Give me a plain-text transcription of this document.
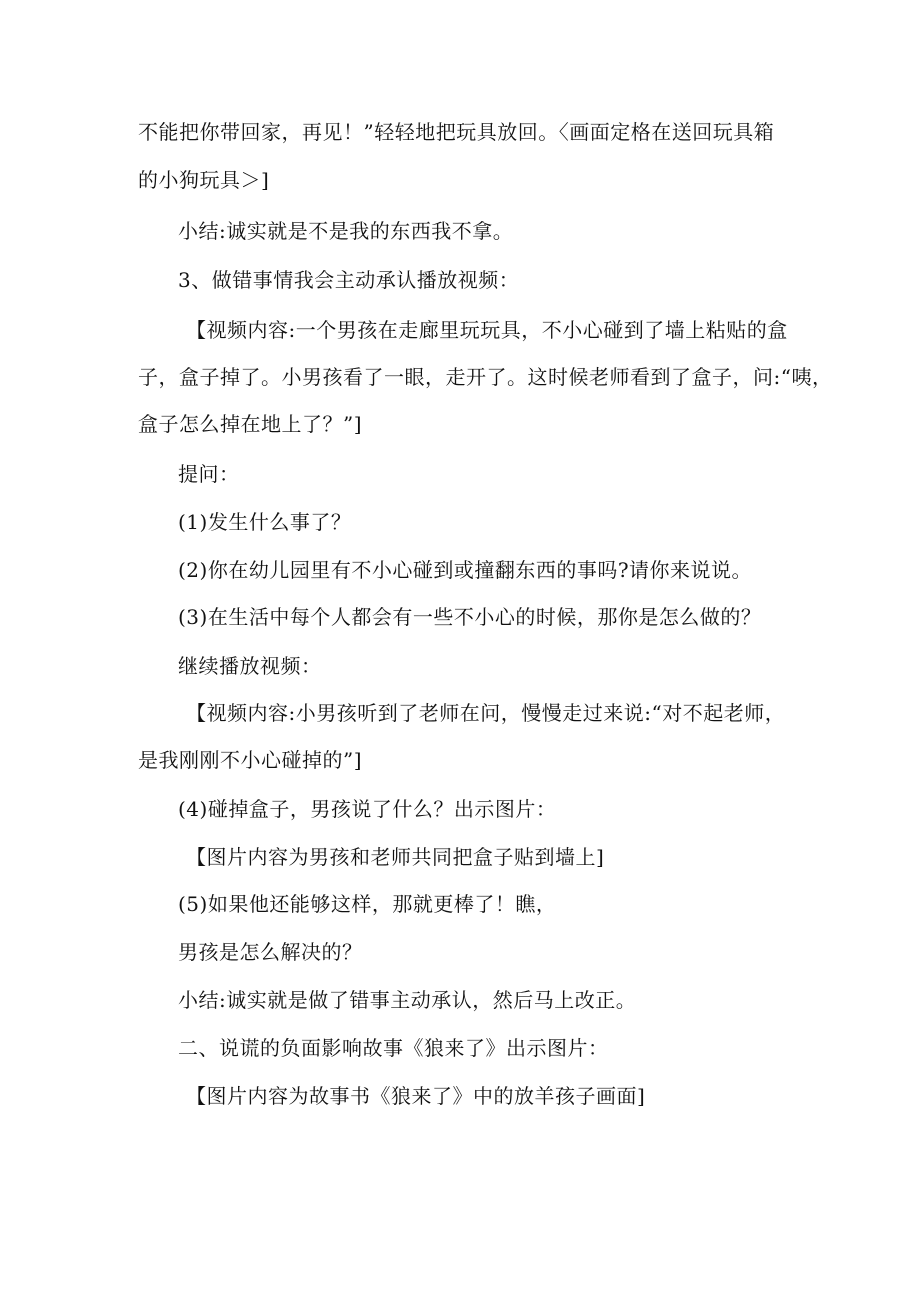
不能把你带回家，再见！”轻轻地把玩具放回。〈画面定格在送回玩具箱
的小狗玩具＞]
小结:诚实就是不是我的东西我不拿。
3、做错事情我会主动承认播放视频：
【视频内容:一个男孩在走廊里玩玩具，不小心碰到了墙上粘贴的盒
子，盒子掉了。小男孩看了一眼，走开了。这时候老师看到了盒子，问:“咦，
盒子怎么掉在地上了？”]
提问：
(1)发生什么事了？
(2)你在幼儿园里有不小心碰到或撞翻东西的事吗?请你来说说。
(3)在生活中每个人都会有一些不小心的时候，那你是怎么做的？
继续播放视频：
【视频内容:小男孩听到了老师在问，慢慢走过来说:“对不起老师，
是我刚刚不小心碰掉的”]
(4)碰掉盒子，男孩说了什么？出示图片：
【图片内容为男孩和老师共同把盒子贴到墙上]
(5)如果他还能够这样，那就更棒了！瞧，
男孩是怎么解决的？
小结:诚实就是做了错事主动承认，然后马上改正。
二、说谎的负面影响故事《狼来了》出示图片：
【图片内容为故事书《狼来了》中的放羊孩子画面]
